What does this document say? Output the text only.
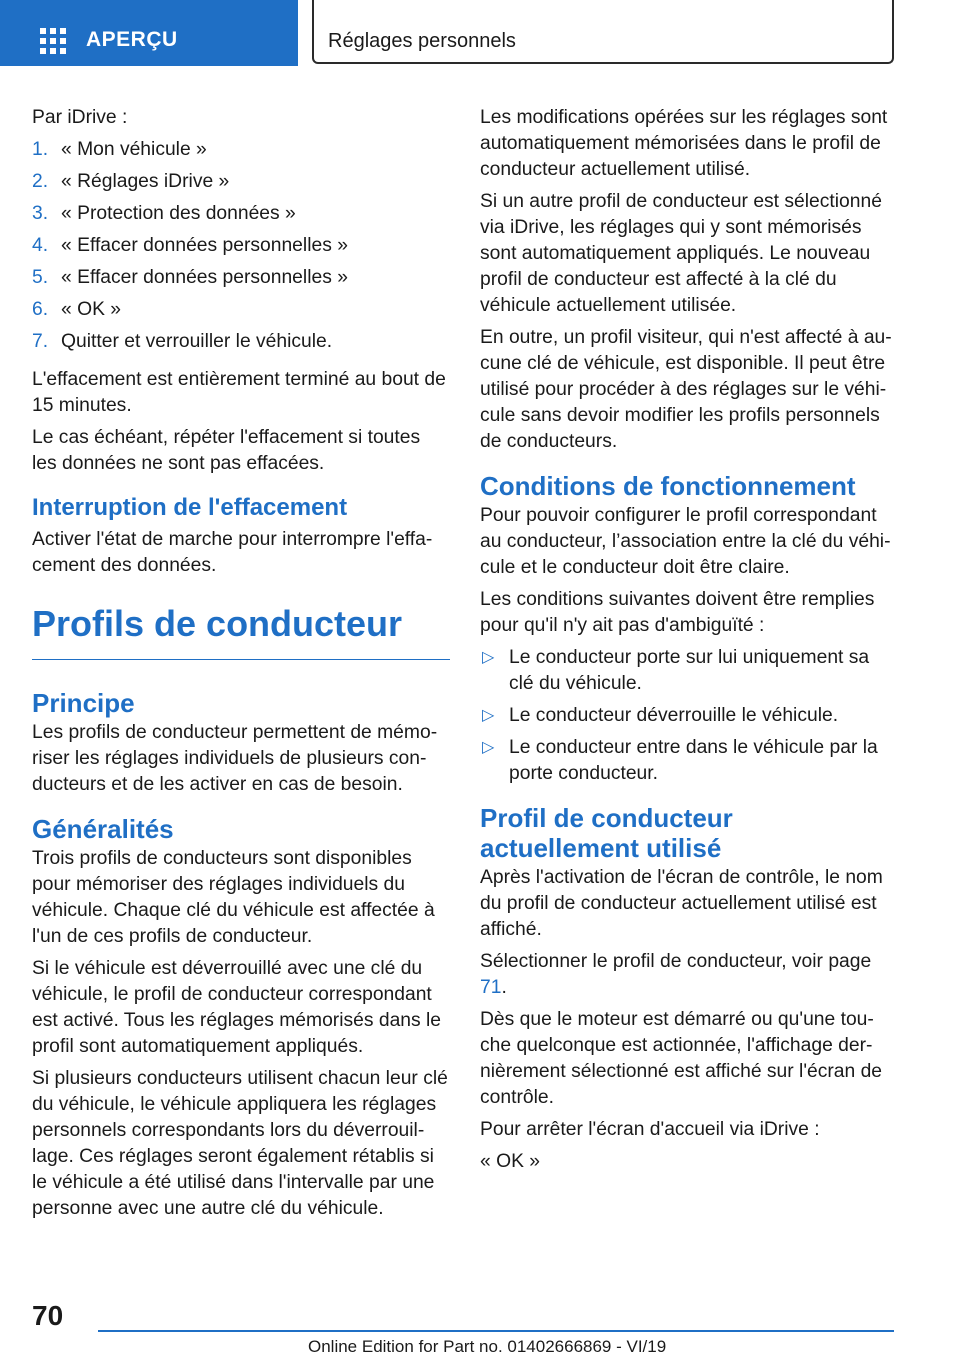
APERÇU	Réglages personnels

Par iDrive :

1. « Mon véhicule »
2. « Réglages iDrive »
3. « Protection des données »
4. « Effacer données personnelles »
5. « Effacer données personnelles »
6. « OK »
7. Quitter et verrouiller le véhicule.

L'effacement est entièrement terminé au bout de 15 minutes.

Le cas échéant, répéter l'effacement si toutes les données ne sont pas effacées.

Interruption de l'effacement

Activer l'état de marche pour interrompre l'effacement des données.

Profils de conducteur
Principe

Les profils de conducteur permettent de mémoriser les réglages individuels de plusieurs conducteurs et de les activer en cas de besoin.

Généralités

Trois profils de conducteurs sont disponibles pour mémoriser des réglages individuels du véhicule. Chaque clé du véhicule est affectée à l'un de ces profils de conducteur.

Si le véhicule est déverrouillé avec une clé du véhicule, le profil de conducteur correspondant est activé. Tous les réglages mémorisés dans le profil sont automatiquement appliqués.

Si plusieurs conducteurs utilisent chacun leur clé du véhicule, le véhicule appliquera les réglages personnels correspondants lors du déverrouillage. Ces réglages seront également rétablis si le véhicule a été utilisé dans l'intervalle par une personne avec une autre clé du véhicule.

Les modifications opérées sur les réglages sont automatiquement mémorisées dans le profil de conducteur actuellement utilisé.

Si un autre profil de conducteur est sélectionné via iDrive, les réglages qui y sont mémorisés sont automatiquement appliqués. Le nouveau profil de conducteur est affecté à la clé du véhicule actuellement utilisée.

En outre, un profil visiteur, qui n'est affecté à aucune clé de véhicule, est disponible. Il peut être utilisé pour procéder à des réglages sur le véhicule sans devoir modifier les profils personnels de conducteurs.

Conditions de fonctionnement

Pour pouvoir configurer le profil correspondant au conducteur, l’association entre la clé du véhicule et le conducteur doit être claire.

Les conditions suivantes doivent être remplies pour qu'il n'y ait pas d'ambiguïté :

▷ Le conducteur porte sur lui uniquement sa clé du véhicule.
▷ Le conducteur déverrouille le véhicule.
▷ Le conducteur entre dans le véhicule par la porte conducteur.
Profil de conducteur actuellement utilisé

Après l'activation de l'écran de contrôle, le nom du profil de conducteur actuellement utilisé est affiché.

Sélectionner le profil de conducteur, voir page 71.

Dès que le moteur est démarré ou qu'une touche quelconque est actionnée, l'affichage dernièrement sélectionné est affiché sur l'écran de contrôle.

Pour arrêter l'écran d'accueil via iDrive :

« OK »

70
Online Edition for Part no. 01402666869 - VI/19
